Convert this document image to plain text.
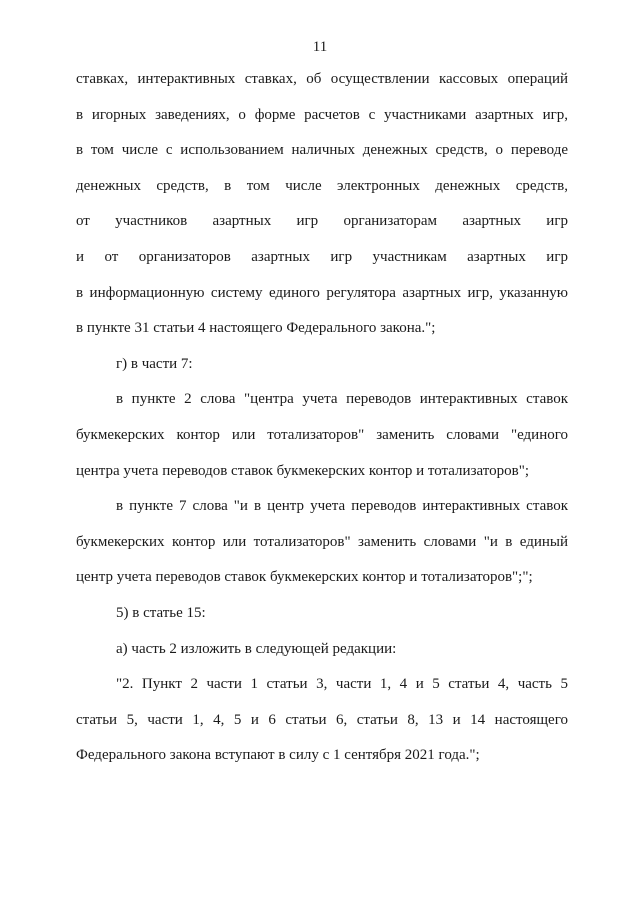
11
ставках, интерактивных ставках, об осуществлении кассовых операций
в игорных заведениях, о форме расчетов с участниками азартных игр,
в том числе с использованием наличных денежных средств, о переводе
денежных средств, в том числе электронных денежных средств,
от участников азартных игр организаторам азартных игр
и от организаторов азартных игр участникам азартных игр
в информационную систему единого регулятора азартных игр, указанную
в пункте 31 статьи 4 настоящего Федерального закона.";
г) в части 7:
в пункте 2 слова "центра учета переводов интерактивных ставок
букмекерских контор или тотализаторов" заменить словами "единого
центра учета переводов ставок букмекерских контор и тотализаторов";
в пункте 7 слова "и в центр учета переводов интерактивных ставок
букмекерских контор или тотализаторов" заменить словами "и в единый
центр учета переводов ставок букмекерских контор и тотализаторов";";
5) в статье 15:
а) часть 2 изложить в следующей редакции:
"2. Пункт 2 части 1 статьи 3, части 1, 4 и 5 статьи 4, часть 5
статьи 5, части 1, 4, 5 и 6 статьи 6, статьи 8, 13 и 14 настоящего
Федерального закона вступают в силу с 1 сентября 2021 года.";
